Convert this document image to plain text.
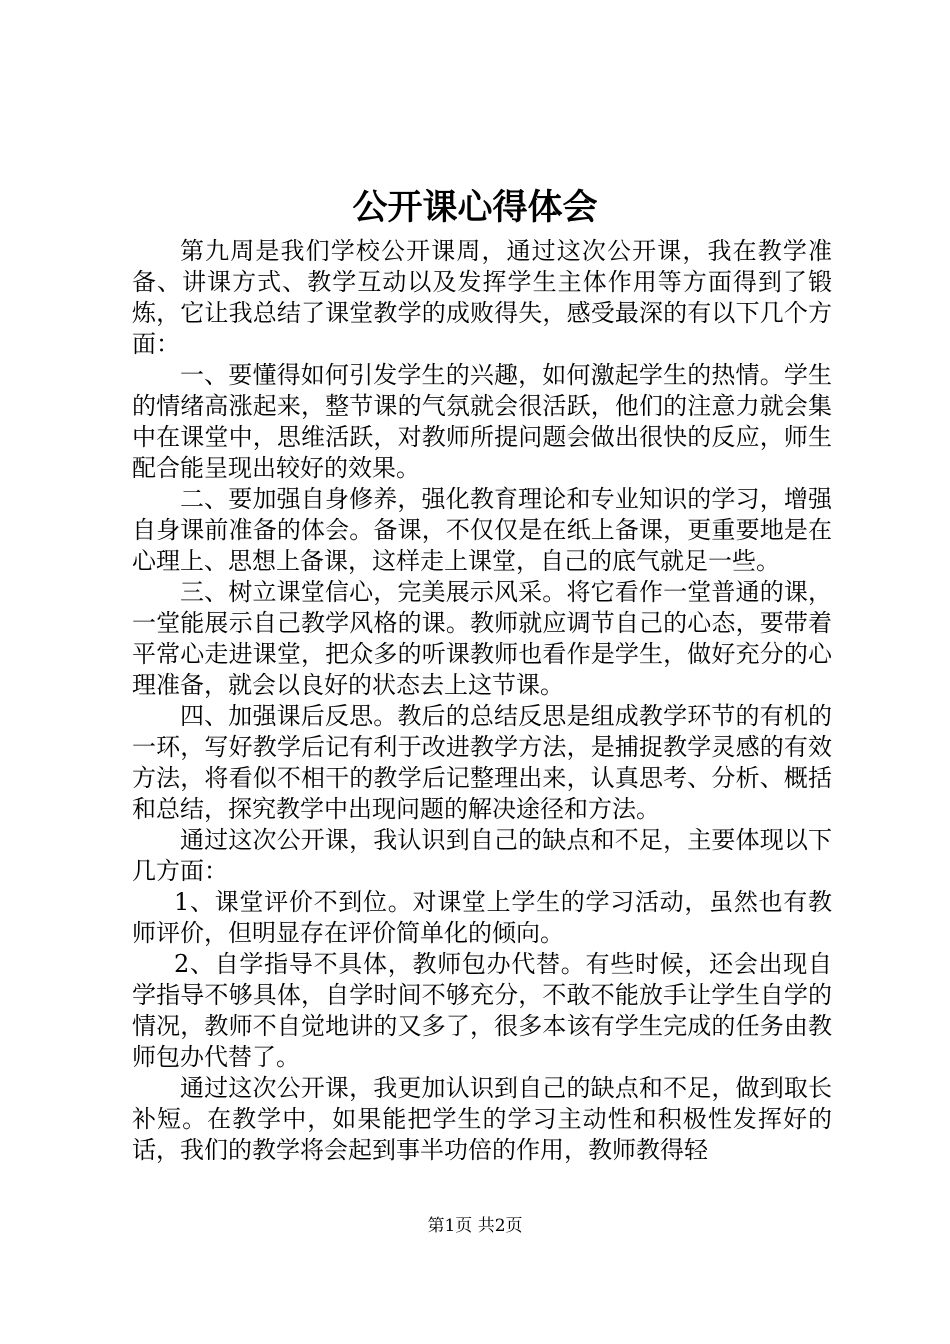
公开课心得体会

第九周是我们学校公开课周，通过这次公开课，我在教学准备、讲课方式、教学互动以及发挥学生主体作用等方面得到了锻炼，它让我总结了课堂教学的成败得失，感受最深的有以下几个方面：

一、要懂得如何引发学生的兴趣，如何激起学生的热情。学生的情绪高涨起来，整节课的气氛就会很活跃，他们的注意力就会集中在课堂中，思维活跃，对教师所提问题会做出很快的反应，师生配合能呈现出较好的效果。

二、要加强自身修养，强化教育理论和专业知识的学习，增强自身课前准备的体会。备课，不仅仅是在纸上备课，更重要地是在心理上、思想上备课，这样走上课堂，自己的底气就足一些。

三、树立课堂信心，完美展示风采。将它看作一堂普通的课，一堂能展示自己教学风格的课。教师就应调节自己的心态，要带着平常心走进课堂，把众多的听课教师也看作是学生，做好充分的心理准备，就会以良好的状态去上这节课。

四、加强课后反思。教后的总结反思是组成教学环节的有机的一环，写好教学后记有利于改进教学方法，是捕捉教学灵感的有效方法，将看似不相干的教学后记整理出来，认真思考、分析、概括和总结，探究教学中出现问题的解决途径和方法。

通过这次公开课，我认识到自己的缺点和不足，主要体现以下几方面：

1、课堂评价不到位。对课堂上学生的学习活动，虽然也有教师评价，但明显存在评价简单化的倾向。

2、自学指导不具体，教师包办代替。有些时候，还会出现自学指导不够具体，自学时间不够充分，不敢不能放手让学生自学的情况，教师不自觉地讲的又多了，很多本该有学生完成的任务由教师包办代替了。

通过这次公开课，我更加认识到自己的缺点和不足，做到取长补短。在教学中，如果能把学生的学习主动性和积极性发挥好的话，我们的教学将会起到事半功倍的作用，教师教得轻

第1页 共2页
